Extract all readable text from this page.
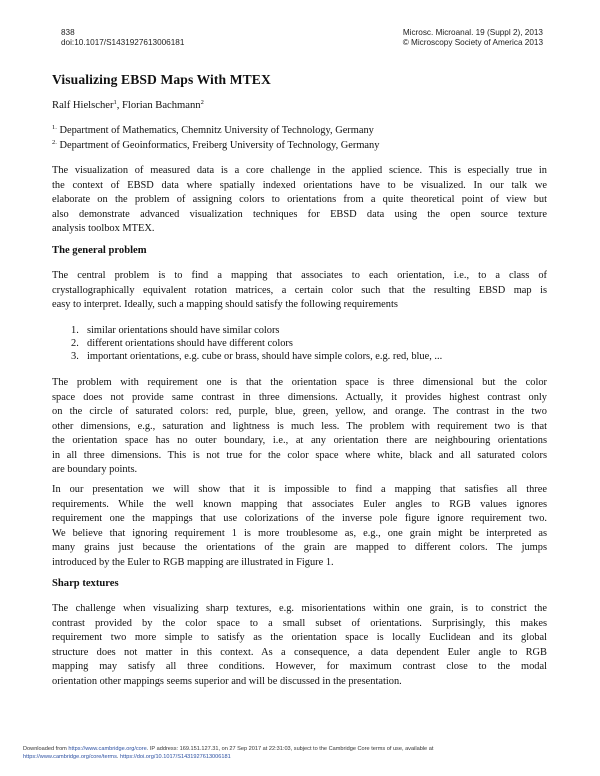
838
doi:10.1017/S1431927613006181
Microsc. Microanal. 19 (Suppl 2), 2013
© Microscopy Society of America 2013
Visualizing EBSD Maps With MTEX
Ralf Hielscher$^1$, Florian Bachmann$^2$
$^{1.}$ Department of Mathematics, Chemnitz University of Technology, Germany
$^{2.}$ Department of Geoinformatics, Freiberg University of Technology, Germany
The visualization of measured data is a core challenge in the applied science. This is especially true in
the context of EBSD data where spatially indexed orientations have to be visualized. In our talk we
elaborate on the problem of assigning colors to orientations from a quite theoretical point of view but
also demonstrate advanced visualization techniques for EBSD data using the open source texture
analysis toolbox MTEX.
The general problem
The central problem is to find a mapping that associates to each orientation, i.e., to a class of
crystallographically equivalent rotation matrices, a certain color such that the resulting EBSD map is
easy to interpret. Ideally, such a mapping should satisfy the following requirements
1. similar orientations should have similar colors
2. different orientations should have different colors
3. important orientations, e.g. cube or brass, should have simple colors, e.g. red, blue, ...
The problem with requirement one is that the orientation space is three dimensional but the color
space does not provide same contrast in three dimensions. Actually, it provides highest contrast only
on the circle of saturated colors: red, purple, blue, green, yellow, and orange. The contrast in the two
other dimensions, e.g., saturation and lightness is much less. The problem with requirement two is that
the orientation space has no outer boundary, i.e., at any orientation there are neighbouring orientations
in all three dimensions. This is not true for the color space where white, black and all saturated colors
are boundary points.
In our presentation we will show that it is impossible to find a mapping that satisfies all three
requirements. While the well known mapping that associates Euler angles to RGB values ignores
requirement one the mappings that use colorizations of the inverse pole figure ignore requirement two.
We believe that ignoring requirement 1 is more troublesome as, e.g., one grain might be interpreted as
many grains just because the orientations of the grain are mapped to different colors. The jumps
introduced by the Euler to RGB mapping are illustrated in Figure 1.
Sharp textures
The challenge when visualizing sharp textures, e.g. misorientations within one grain, is to constrict the
contrast provided by the color space to a small subset of orientations. Surprisingly, this makes
requirement two more simple to satisfy as the orientation space is locally Euclidean and its global
structure does not matter in this context. As a consequence, a data dependent Euler angle to RGB
mapping may satisfy all three conditions. However, for maximum contrast close to the modal
orientation other mappings seems superior and will be discussed in the presentation.
Downloaded from https://www.cambridge.org/core. IP address: 169.151.127.31, on 27 Sep 2017 at 22:31:03, subject to the Cambridge Core terms of use, available at
https://www.cambridge.org/core/terms. https://doi.org/10.1017/S1431927613006181
